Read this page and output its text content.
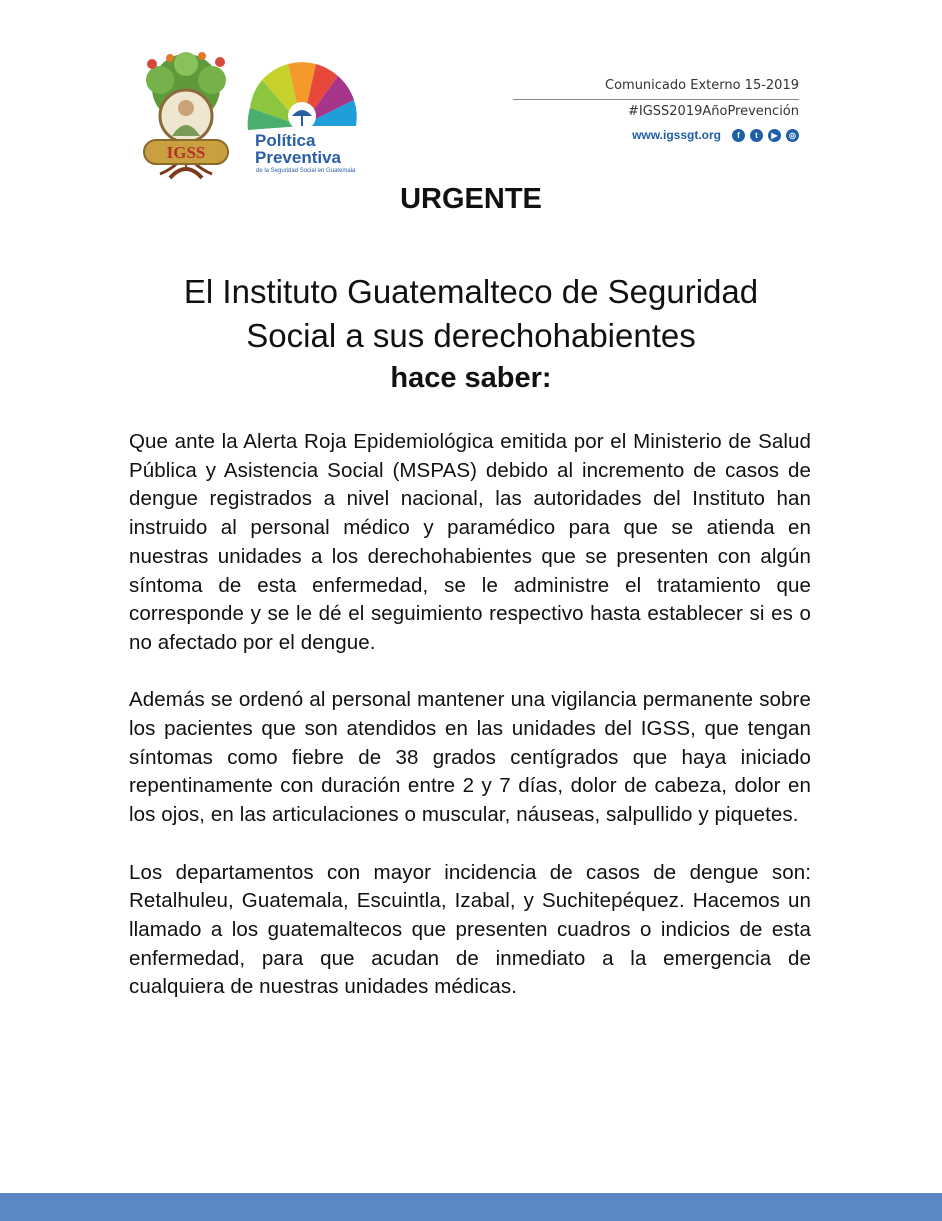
IGSS
Política
Preventiva
de la Seguridad Social en Guatemala
Comunicado Externo 15-2019
#IGSS2019AñoPrevención
www.igssgt.org	f	t	▶	◎
URGENTE
El Instituto Guatemalteco de Seguridad
Social a sus derechohabientes
hace saber:

Que ante la Alerta Roja Epidemiológica emitida por el Ministerio de Salud Pública y Asistencia Social (MSPAS) debido al incremento de casos de dengue registrados a nivel nacional, las autoridades del Instituto han instruido al personal médico y paramédico para que se atienda en nuestras unidades a los derechohabientes que se presenten con algún síntoma de esta enfermedad, se le administre el tratamiento que corresponde y se le dé el seguimiento respectivo hasta establecer si es o no afectado por el dengue.

Además se ordenó al personal mantener una vigilancia permanente sobre los pacientes que son atendidos en las unidades del IGSS, que tengan síntomas como fiebre de 38 grados centígrados que haya iniciado repentinamente con duración entre 2 y 7 días, dolor de cabeza, dolor en los ojos, en las articulaciones o muscular, náuseas, salpullido y piquetes.

Los departamentos con mayor incidencia de casos de dengue son: Retalhuleu, Guatemala, Escuintla, Izabal, y Suchitepéquez. Hacemos un llamado a los guatemaltecos que presenten cuadros o indicios de esta enfermedad, para que acudan de inmediato a la emergencia de cualquiera de nuestras unidades médicas.
